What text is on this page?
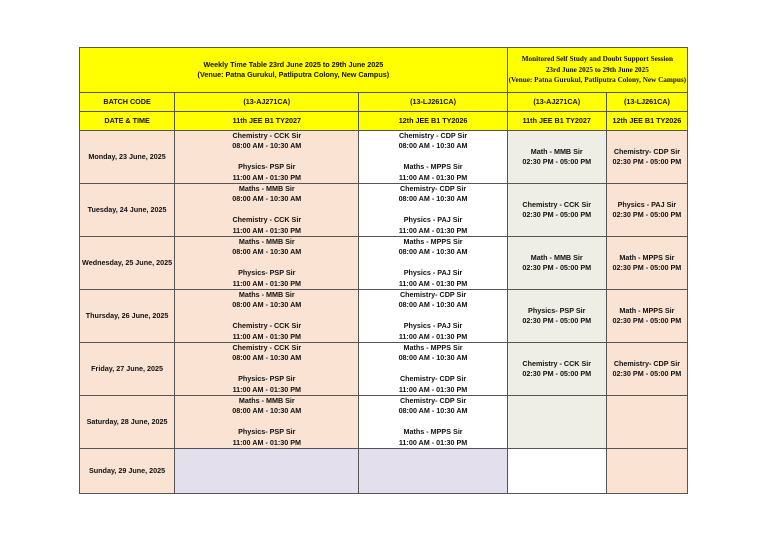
Weekly Time Table 23rd June 2025 to 29th June 2025
(Venue: Patna Gurukul, Patliputra Colony, New Campus)			Monitored Self Study and Doubt Support Session
23rd June 2025 to 29th June 2025
(Venue: Patna Gurukul, Patliputra Colony, New Campus)	
BATCH CODE	(13-AJ271CA)	(13-LJ261CA)	(13-AJ271CA)	(13-LJ261CA)
DATE & TIME	11th JEE B1 TY2027	12th JEE B1 TY2026	11th JEE B1 TY2027	12th JEE B1 TY2026
Monday, 23 June, 2025	Chemistry - CCK Sir
08:00 AM - 10:30 AM
Physics- PSP Sir
11:00 AM - 01:30 PM	Chemistry - CDP Sir
08:00 AM - 10:30 AM
Maths - MPPS Sir
11:00 AM - 01:30 PM	Math - MMB Sir
02:30 PM - 05:00 PM	Chemistry- CDP Sir
02:30 PM - 05:00 PM
Tuesday, 24 June, 2025	Maths - MMB Sir
08:00 AM - 10:30 AM
Chemistry - CCK Sir
11:00 AM - 01:30 PM	Chemistry- CDP Sir
08:00 AM - 10:30 AM
Physics - PAJ Sir
11:00 AM - 01:30 PM	Chemistry - CCK Sir
02:30 PM - 05:00 PM	Physics - PAJ Sir
02:30 PM - 05:00 PM
Wednesday, 25 June, 2025	Maths - MMB Sir
08:00 AM - 10:30 AM
Physics- PSP Sir
11:00 AM - 01:30 PM	Maths - MPPS Sir
08:00 AM - 10:30 AM
Physics - PAJ Sir
11:00 AM - 01:30 PM	Math - MMB Sir
02:30 PM - 05:00 PM	Math - MPPS Sir
02:30 PM - 05:00 PM
Thursday, 26 June, 2025	Maths - MMB Sir
08:00 AM - 10:30 AM
Chemistry - CCK Sir
11:00 AM - 01:30 PM	Chemistry- CDP Sir
08:00 AM - 10:30 AM
Physics - PAJ Sir
11:00 AM - 01:30 PM	Physics- PSP Sir
02:30 PM - 05:00 PM	Math - MPPS Sir
02:30 PM - 05:00 PM
Friday, 27 June, 2025	Chemistry - CCK Sir
08:00 AM - 10:30 AM
Physics- PSP Sir
11:00 AM - 01:30 PM	Maths - MPPS Sir
08:00 AM - 10:30 AM
Chemistry- CDP Sir
11:00 AM - 01:30 PM	Chemistry - CCK Sir
02:30 PM - 05:00 PM	Chemistry- CDP Sir
02:30 PM - 05:00 PM
Saturday, 28 June, 2025	Maths - MMB Sir
08:00 AM - 10:30 AM
Physics- PSP Sir
11:00 AM - 01:30 PM	Chemistry- CDP Sir
08:00 AM - 10:30 AM
Maths - MPPS Sir
11:00 AM - 01:30 PM		
Sunday, 29 June, 2025				
